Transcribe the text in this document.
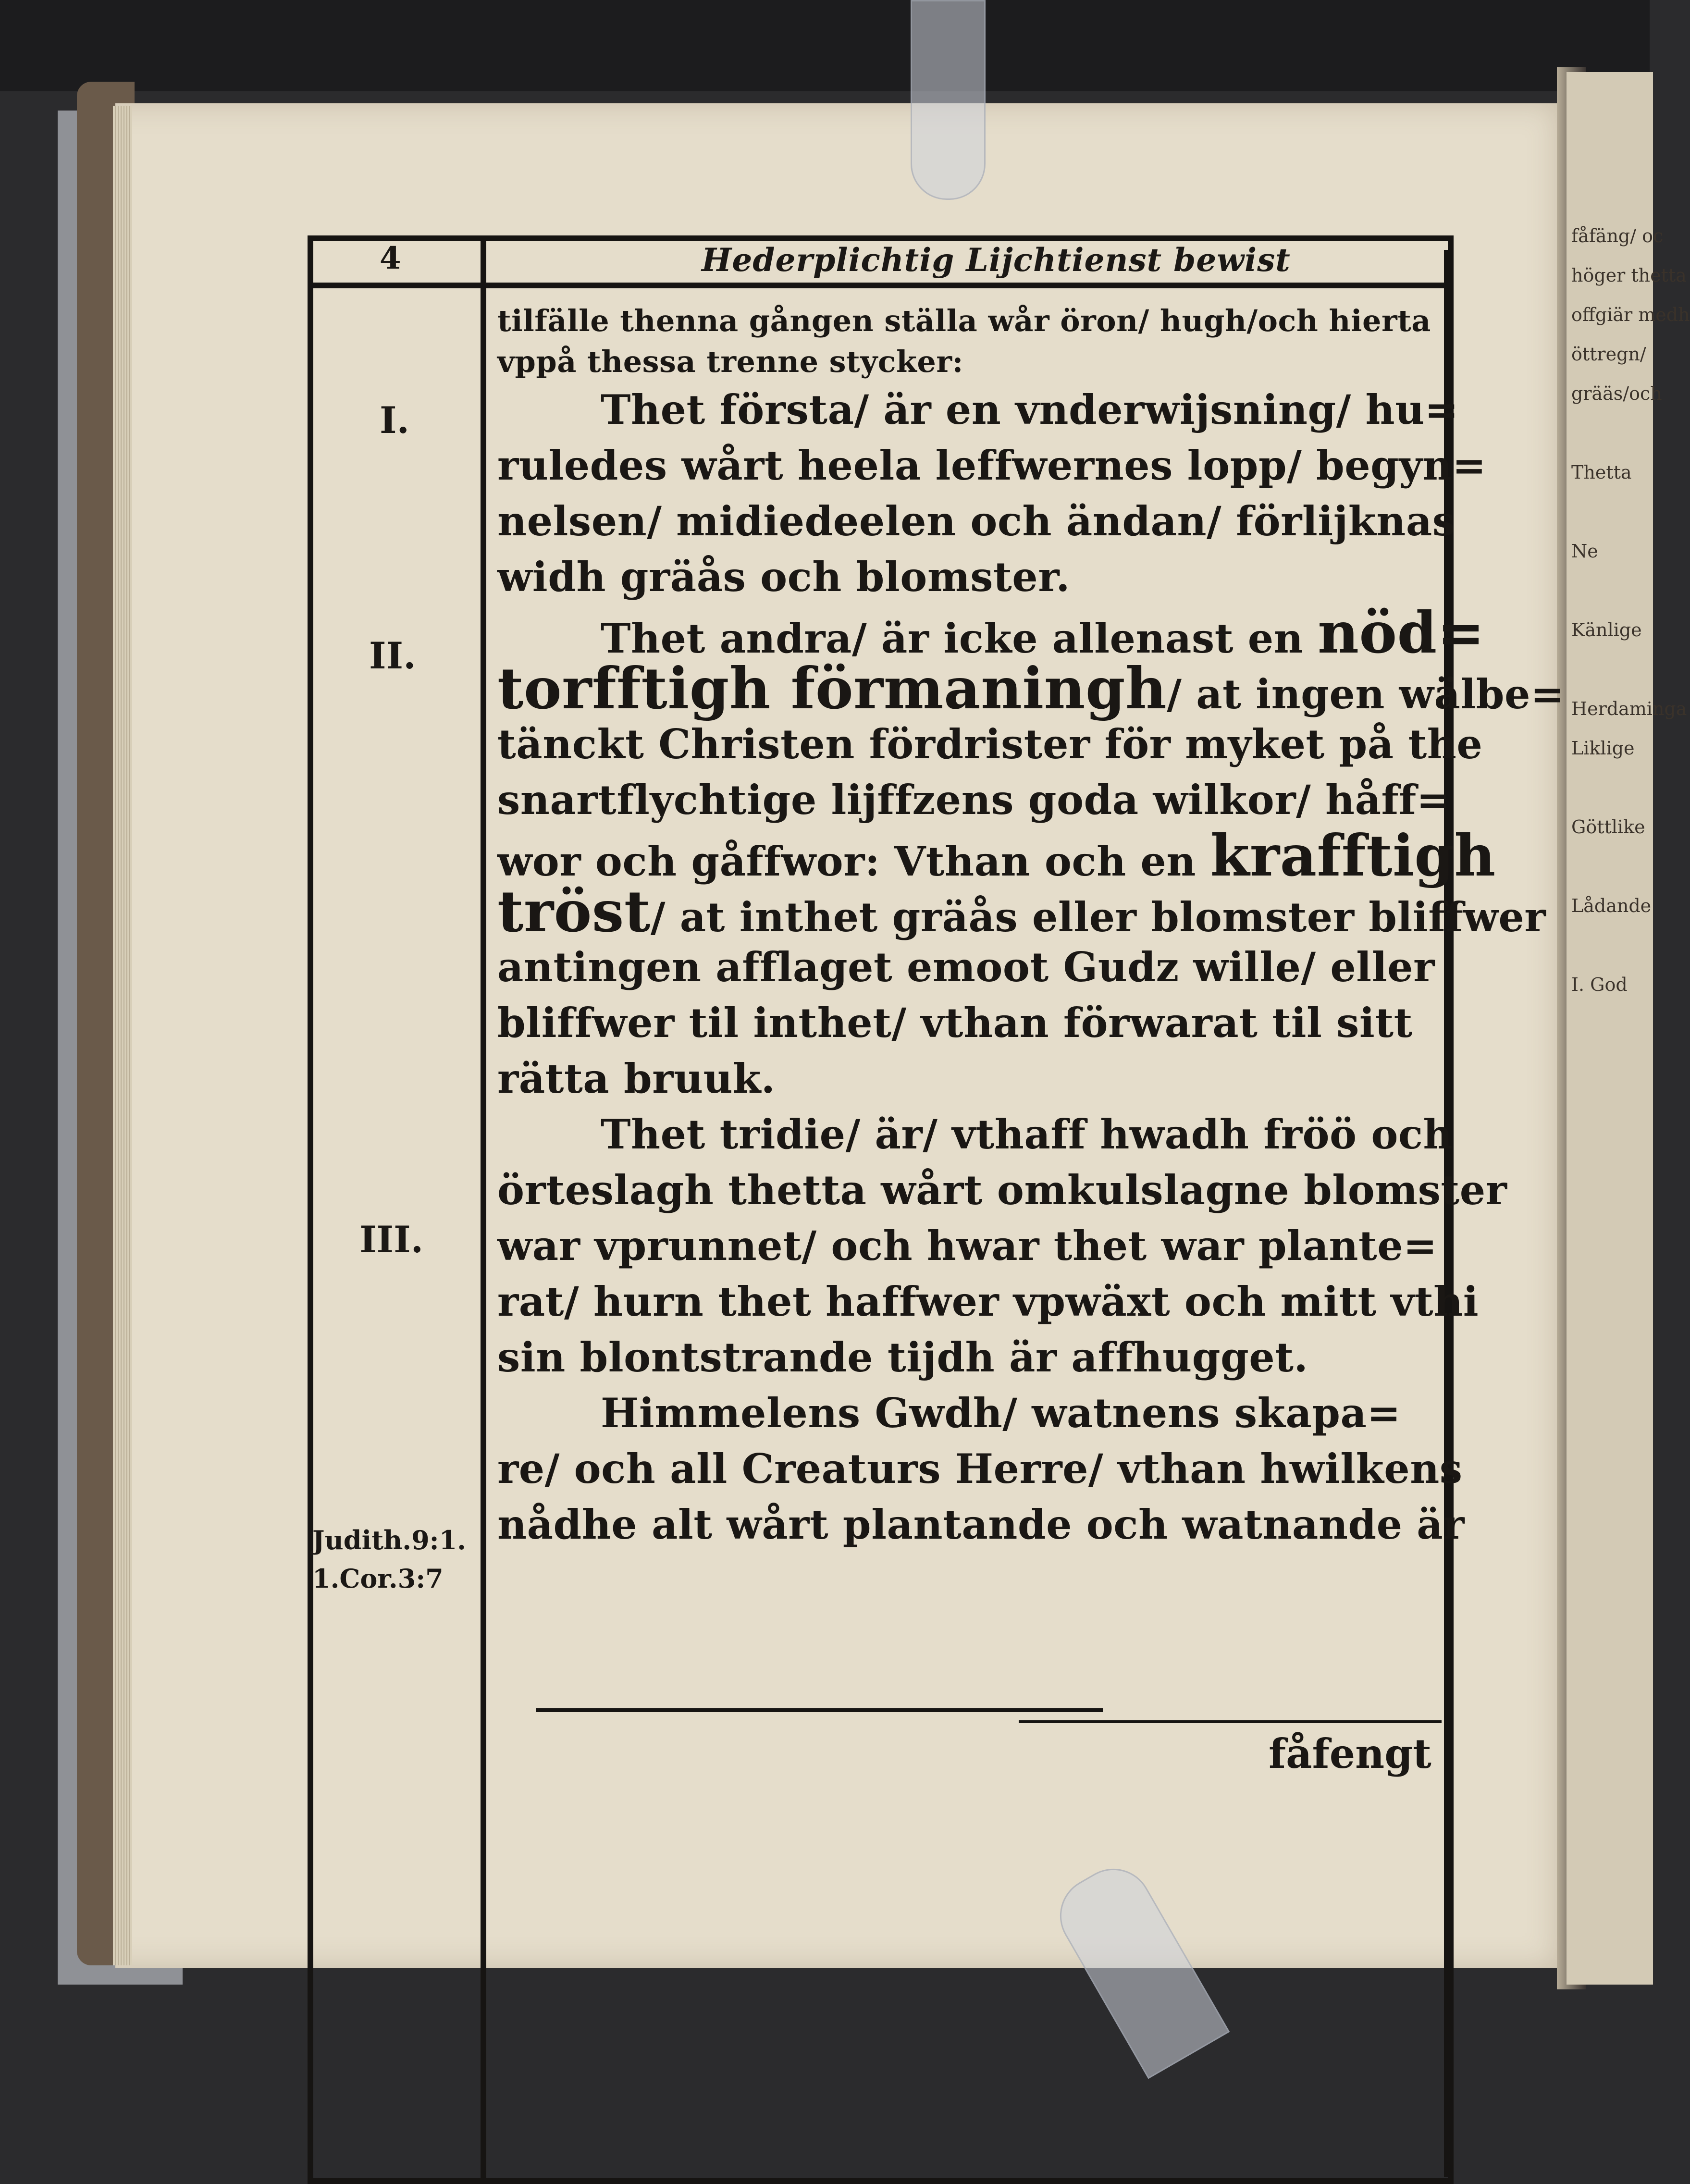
fåfäng/ oc
höger thetta
offgiär medh
öttregn/
grääs/och

Thetta

Ne

Känlige

Herdaminga
Liklige

Göttlike

Lådande

I. God
4	Hederplichtig Lijchtienst bewist
I.
II.
III.
Judith.9:1.
1.Cor.3:7
tilfälle thenna gången ställa wår öron/ hugh/och hierta
vppå thessa trenne stycker:
Thet första/ är en vnderwijsning/ hu=
ruledes wårt heela leffwernes lopp/ begyn=
nelsen/ midiedeelen och ändan/ förlijknas
widh gräås och blomster.
Thet andra/ är icke allenast en nöd=
torfftigh förmaningh/ at ingen wälbe=
tänckt Christen fördrister för myket på the
snartflychtige lijffzens goda wilkor/ håff=
wor och gåffwor: Vthan och en krafftigh
tröst/ at inthet gräås eller blomster bliffwer
antingen afflaget emoot Gudz wille/ eller
bliffwer til inthet/ vthan förwarat til sitt
rätta bruuk.
Thet tridie/ är/ vthaff hwadh fröö och
örteslagh thetta wårt omkulslagne blomster
war vprunnet/ och hwar thet war plante=
rat/ hurn thet haffwer vpwäxt och mitt vthi
sin blontstrande tijdh är affhugget.
Himmelens Gwdh/ watnens skapa=
re/ och all Creaturs Herre/ vthan hwilkens
nådhe alt wårt plantande och watnande är
fåfengt
